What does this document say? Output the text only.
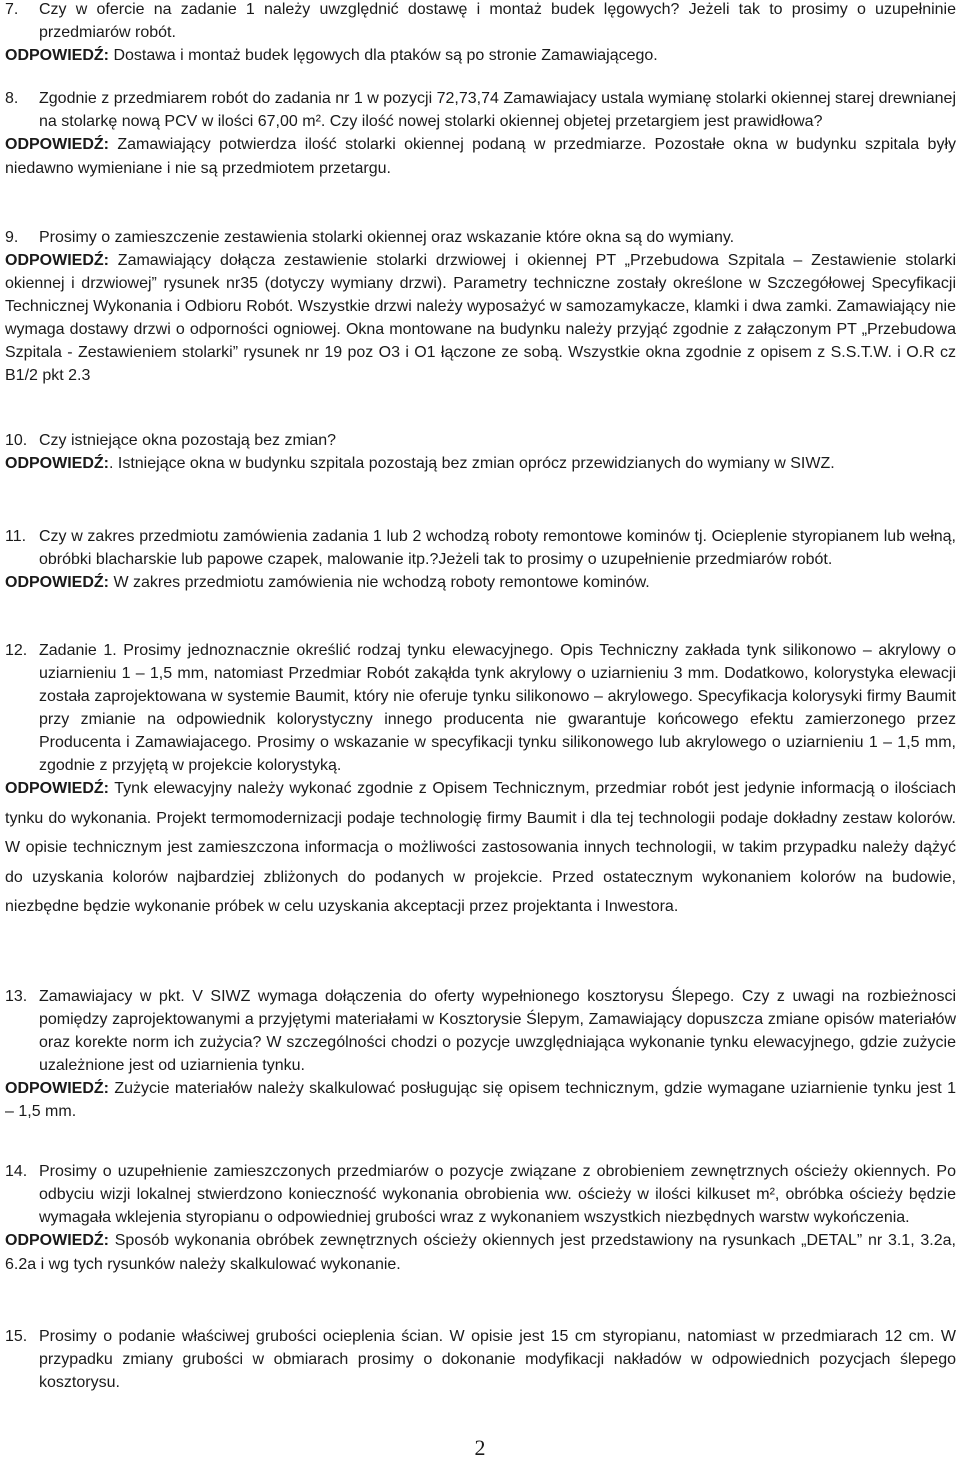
7.	Czy w ofercie na zadanie 1 należy uwzględnić dostawę i montaż budek lęgowych? Jeżeli tak to prosimy o uzupełninie przedmiarów robót.

ODPOWIEDŹ: Dostawa i montaż budek lęgowych dla ptaków są po stronie Zamawiającego.

8.	Zgodnie z przedmiarem robót do zadania nr 1 w pozycji 72,73,74 Zamawiajacy ustala wymianę stolarki okiennej starej drewnianej na stolarkę nową PCV w ilości 67,00 m². Czy ilość nowej stolarki okiennej objetej przetargiem jest prawidłowa?

ODPOWIEDŹ: Zamawiający potwierdza ilość stolarki okiennej podaną w przedmiarze. Pozostałe okna w budynku szpitala były niedawno wymieniane i nie są przedmiotem przetargu.

9.	Prosimy o zamieszczenie zestawienia stolarki okiennej oraz wskazanie które okna są do wymiany.

ODPOWIEDŹ: Zamawiający dołącza zestawienie stolarki drzwiowej i okiennej PT „Przebudowa Szpitala – Zestawienie stolarki okiennej i drzwiowej” rysunek nr35 (dotyczy wymiany drzwi). Parametry techniczne zostały określone w Szczegółowej Specyfikacji Technicznej Wykonania i Odbioru Robót. Wszystkie drzwi należy wyposażyć w samozamykacze, klamki i dwa zamki. Zamawiający nie wymaga dostawy drzwi o odporności ogniowej. Okna montowane na budynku należy przyjąć zgodnie z załączonym PT „Przebudowa Szpitala - Zestawieniem stolarki” rysunek nr 19 poz O3 i O1 łączone ze sobą. Wszystkie okna zgodnie z opisem z S.S.T.W. i O.R cz B1/2 pkt 2.3

10. Czy istniejące okna pozostają bez zmian?

ODPOWIEDŹ:. Istniejące okna w budynku szpitala pozostają bez zmian oprócz przewidzianych do wymiany w SIWZ.

11. Czy w zakres przedmiotu zamówienia zadania 1 lub 2 wchodzą roboty remontowe kominów tj. Ocieplenie styropianem lub wełną, obróbki blacharskie lub papowe czapek, malowanie itp.?Jeżeli tak to prosimy o uzupełnienie przedmiarów robót.

ODPOWIEDŹ: W zakres przedmiotu zamówienia nie wchodzą roboty remontowe kominów.

12. Zadanie 1. Prosimy jednoznacznie określić rodzaj tynku elewacyjnego. Opis Techniczny zakłada tynk silikonowo – akrylowy o uziarnieniu 1 – 1,5 mm, natomiast Przedmiar Robót zakąłda tynk akrylowy o uziarnieniu 3 mm. Dodatkowo, kolorystyka elewacji została zaprojektowana w systemie Baumit, który nie oferuje tynku silikonowo – akrylowego. Specyfikacja kolorysyki firmy Baumit przy zmianie na odpowiednik kolorystyczny innego producenta nie gwarantuje końcowego efektu zamierzonego przez Producenta i Zamawiajacego. Prosimy o wskazanie w specyfikacji tynku silikonowego lub akrylowego o uziarnieniu 1 – 1,5 mm, zgodnie z przyjętą w projekcie kolorystyką.

ODPOWIEDŹ: Tynk elewacyjny należy wykonać zgodnie z Opisem Technicznym, przedmiar robót jest jedynie informacją o ilościach tynku do wykonania. Projekt termomodernizacji podaje technologię firmy Baumit i dla tej technologii podaje dokładny zestaw kolorów. W opisie technicznym jest zamieszczona informacja o możliwości zastosowania innych technologii, w takim przypadku należy dążyć do uzyskania kolorów najbardziej zbliżonych do podanych w projekcie. Przed ostatecznym wykonaniem kolorów na budowie, niezbędne będzie wykonanie próbek w celu uzyskania akceptacji przez projektanta i Inwestora.

13. Zamawiajacy w pkt. V SIWZ wymaga dołączenia do oferty wypełnionego kosztorysu Ślepego. Czy z uwagi na rozbieżnosci pomiędzy zaprojektowanymi a przyjętymi materiałami w Kosztorysie Ślepym, Zamawiający dopuszcza zmiane opisów materiałów oraz korekte norm ich zużycia? W szczególności chodzi o pozycje uwzględniająca wykonanie tynku elewacyjnego, gdzie zużycie uzależnione jest od uziarnienia tynku.

ODPOWIEDŹ: Zużycie materiałów należy skalkulować posługując się opisem technicznym, gdzie wymagane uziarnienie tynku jest 1 – 1,5 mm.

14. Prosimy o uzupełnienie zamieszczonych przedmiarów o pozycje związane z obrobieniem zewnętrznych ościeży okiennych. Po odbyciu wizji lokalnej stwierdzono konieczność wykonania obrobienia ww. ościeży w ilości kilkuset m², obróbka ościeży będzie wymagała wklejenia styropianu o odpowiedniej grubości wraz z wykonaniem wszystkich niezbędnych warstw wykończenia.

ODPOWIEDŹ: Sposób wykonania obróbek zewnętrznych ościeży okiennych jest przedstawiony na rysunkach „DETAL” nr 3.1, 3.2a, 6.2a i wg tych rysunków należy skalkulować wykonanie.

15. Prosimy o podanie właściwej grubości ocieplenia ścian. W opisie jest 15 cm styropianu, natomiast w przedmiarach 12 cm. W przypadku zmiany grubości w obmiarach prosimy o dokonanie modyfikacji nakładów w odpowiednich pozycjach ślepego kosztorysu.

2
